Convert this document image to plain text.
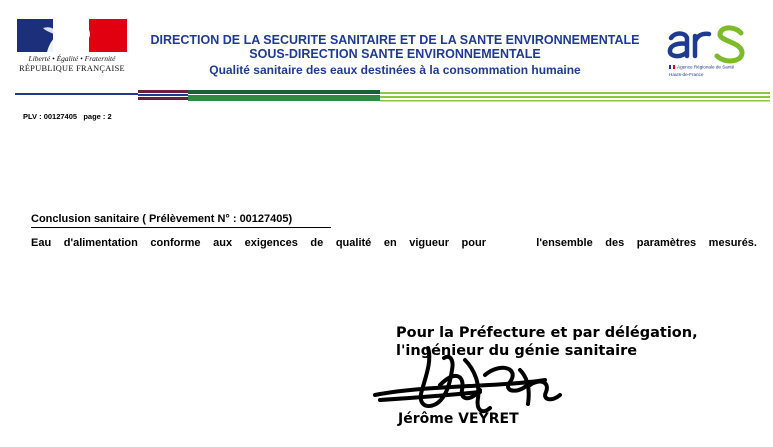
Liberté • Égalité • Fraternité
RÉPUBLIQUE FRANÇAISE
DIRECTION DE LA SECURITE SANITAIRE ET DE LA SANTE ENVIRONNEMENTALE
SOUS-DIRECTION SANTE ENVIRONNEMENTALE
Qualité sanitaire des eaux destinées à la consommation humaine	Agence Régionale de Santé
Hauts-de-France
PLV : 00127405   page : 2
Conclusion sanitaire ( Prélèvement N° : 00127405)
Eau d'alimentation conforme aux exigences de qualité en vigueur pour    l'ensemble des paramètres mesurés.
Pour la Préfecture et par délégation,
l'ingénieur du génie sanitaire
Jérôme VEYRET
